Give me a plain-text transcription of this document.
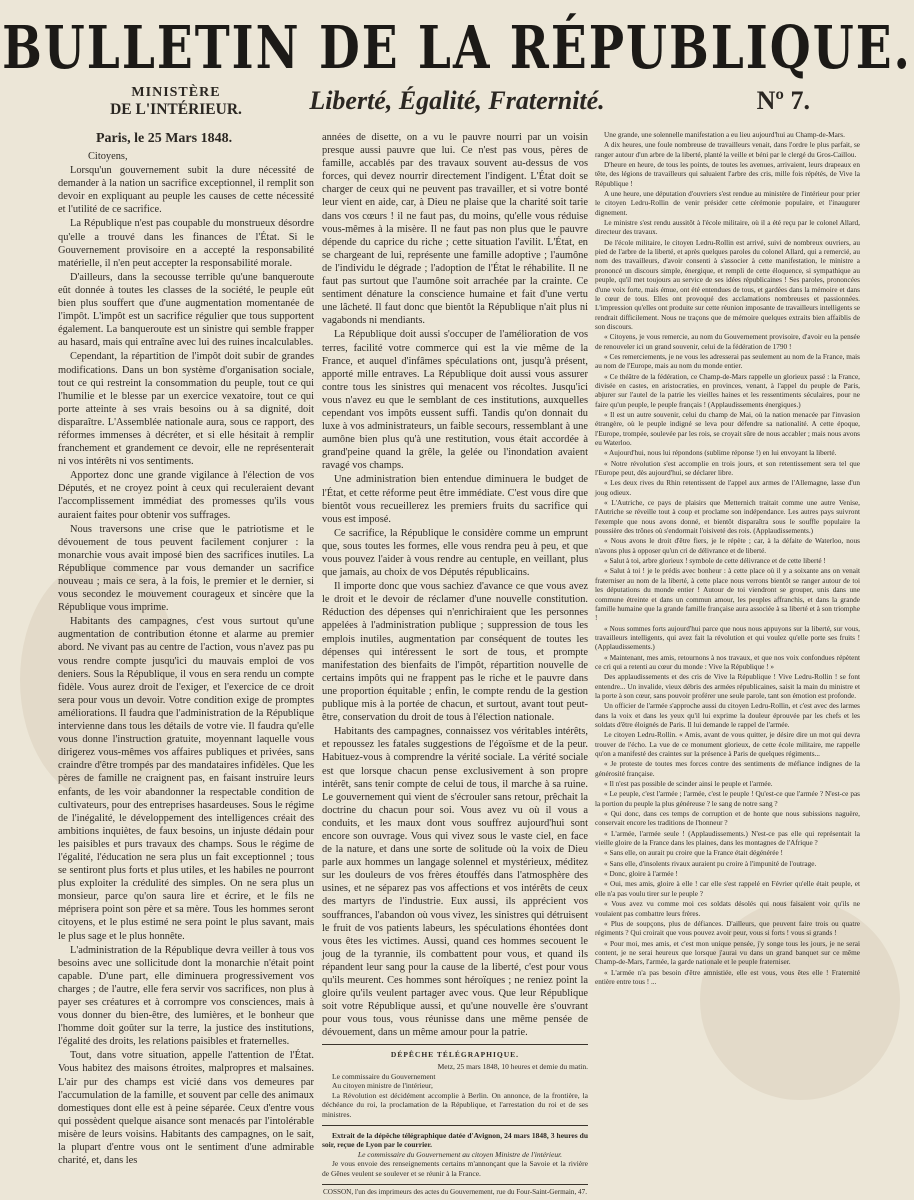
BULLETIN DE LA RÉPUBLIQUE.
MINISTÈRE
DE L'INTÉRIEUR.	Liberté, Égalité, Fraternité.	Nº 7.
Paris, le 25 Mars 1848.

Citoyens,

Lorsqu'un gouvernement subit la dure nécessité de demander à la nation un sacrifice exceptionnel, il remplit son devoir en expliquant au peuple les causes de cette nécessité et l'utilité de ce sacrifice.

La République n'est pas coupable du monstrueux désordre qu'elle a trouvé dans les finances de l'État. Si le Gouvernement provisoire en a accepté la responsabilité matérielle, il n'en peut accepter la responsabilité morale.

D'ailleurs, dans la secousse terrible qu'une banqueroute eût donnée à toutes les classes de la société, le peuple eût bien plus souffert que d'une augmentation momentanée de l'impôt. L'impôt est un sacrifice régulier que tous supportent également. La banqueroute est un sinistre qui semble frapper au hasard, mais qui entraîne avec lui des ruines incalculables.

Cependant, la répartition de l'impôt doit subir de grandes modifications. Dans un bon système d'organisation sociale, tout ce qui restreint la consommation du peuple, tout ce qui l'humilie et le blesse par un exercice vexatoire, tout ce qui porte atteinte à ses vrais besoins ou à sa dignité, doit disparaître. L'Assemblée nationale aura, sous ce rapport, des réformes immenses à décréter, et si elle hésitait à remplir franchement et grandement ce devoir, elle ne représenterait ni vos intérêts ni vos sentiments.

Apportez donc une grande vigilance à l'élection de vos Députés, et ne croyez point à ceux qui reculeraient devant l'accomplissement immédiat des promesses qu'ils vous auraient faites pour obtenir vos suffrages.

Nous traversons une crise que le patriotisme et le dévouement de tous peuvent facilement conjurer : la monarchie vous avait imposé bien des sacrifices inutiles. La République commence par vous demander un sacrifice nouveau ; mais ce sera, à la fois, le premier et le dernier, si vous secondez le mouvement courageux et sincère que la République vous imprime.

Habitants des campagnes, c'est vous surtout qu'une augmentation de contribution étonne et alarme au premier abord. Ne vivant pas au centre de l'action, vous n'avez pas pu vous rendre compte jusqu'ici du mauvais emploi de vos deniers. Sous la République, il vous en sera rendu un compte fidèle. Vous aurez droit de l'exiger, et l'exercice de ce droit sera pour vous un devoir. Votre condition exige de promptes améliorations. Il faudra que l'administration de la République intervienne dans tous les détails de votre vie. Il faudra qu'elle vous donne l'instruction gratuite, moyennant laquelle vous dirigerez vous-mêmes vos affaires publiques et privées, sans craindre d'être trompés par des mandataires infidèles. Que les pères de famille ne craignent pas, en faisant instruire leurs enfants, de les voir abandonner la respectable condition de cultivateurs, pour des entreprises hasardeuses. Sous le régime de l'inégalité, le développement des intelligences créait des ambitions inquiètes, de faux besoins, un injuste dédain pour les paisibles et purs travaux des champs. Sous le régime de l'égalité, l'éducation ne sera plus un fait exceptionnel ; tous se sentiront plus forts et plus utiles, et les habiles ne pourront plus exploiter la crédulité des simples. On ne sera plus un monsieur, parce qu'on saura lire et écrire, et le fils ne méprisera point son père et sa mère. Tous les hommes seront citoyens, et le plus estimé ne sera point le plus savant, mais le plus sage et le plus honnête.

L'administration de la République devra veiller à tous vos besoins avec une sollicitude dont la monarchie n'était point capable. D'une part, elle diminuera progressivement vos charges ; de l'autre, elle fera servir vos sacrifices, non plus à payer ses créatures et à corrompre vos consciences, mais à vous donner du bien-être, des lumières, et le bonheur que l'homme doit goûter sur la terre, la justice des institutions, l'égalité des droits, les relations paisibles et fraternelles.

Tout, dans votre situation, appelle l'attention de l'État. Vous habitez des maisons étroites, malpropres et malsaines. L'air pur des champs est vicié dans vos demeures par l'accumulation de la famille, et souvent par celle des animaux domestiques dont elle est à peine séparée. Ceux d'entre vous qui possèdent quelque aisance sont menacés par l'intolérable misère de leurs voisins. Habitants des campagnes, on le sait, la plupart d'entre vous ont le sentiment d'une admirable charité, et, dans les

années de disette, on a vu le pauvre nourri par un voisin presque aussi pauvre que lui. Ce n'est pas vous, pères de famille, accablés par des travaux souvent au-dessus de vos forces, qui devez nourrir directement l'indigent. L'État doit se charger de ceux qui ne peuvent pas travailler, et si votre bonté leur vient en aide, car, à Dieu ne plaise que la charité soit tarie dans vos cœurs ! il ne faut pas, du moins, qu'elle vous réduise vous-mêmes à la misère. Il ne faut pas non plus que le pauvre dépende du caprice du riche ; cette situation l'avilit. L'État, en se chargeant de lui, représente une famille adoptive ; l'aumône de l'individu le dégrade ; l'adoption de l'État le réhabilite. Il ne faut pas surtout que l'aumône soit arrachée par la crainte. Ce sentiment dénature la conscience humaine et fait d'une vertu une lâcheté. Il faut donc que bientôt la République n'ait plus ni vagabonds ni mendiants.

La République doit aussi s'occuper de l'amélioration de vos terres, facilité votre commerce qui est la vie même de la France, et auquel d'infâmes spéculations ont, jusqu'à présent, apporté mille entraves. La République doit aussi vous assurer contre tous les sinistres qui menacent vos récoltes. Jusqu'ici vous n'avez eu que le semblant de ces institutions, auxquelles cependant vos impôts eussent suffi. Tandis qu'on donnait du luxe à vos administrateurs, un faible secours, ressemblant à une aumône bien plus qu'à une restitution, vous était accordée à grand'peine quand la grêle, la gelée ou l'inondation avaient ravagé vos champs.

Une administration bien entendue diminuera le budget de l'État, et cette réforme peut être immédiate. C'est vous dire que bientôt vous recueillerez les premiers fruits du sacrifice qui vous est imposé.

Ce sacrifice, la République le considère comme un emprunt que, sous toutes les formes, elle vous rendra peu à peu, et que vous pouvez l'aider à vous rendre au centuple, en veillant, plus que jamais, au choix de vos Députés républicains.

Il importe donc que vous sachiez d'avance ce que vous avez le droit et le devoir de réclamer d'une nouvelle constitution. Réduction des dépenses qui n'enrichiraient que les personnes appelées à l'administration publique ; suppression de tous les emplois inutiles, augmentation par conséquent de toutes les dépenses qui intéressent le sort de tous, et prompte manifestation des bienfaits de l'impôt, répartition nouvelle de certains impôts qui ne frappent pas le riche et le pauvre dans une proportion équitable ; enfin, le compte rendu de la gestion publique mis à la portée de chacun, et surtout, avant tout peut-être, conservation du droit de tous à l'élection nationale.

Habitants des campagnes, connaissez vos véritables intérêts, et repoussez les fatales suggestions de l'égoïsme et de la peur. Habituez-vous à comprendre la vérité sociale. La vérité sociale est que lorsque chacun pense exclusivement à son propre intérêt, sans tenir compte de celui de tous, il marche à sa ruine. Le gouvernement qui vient de s'écrouler sans retour, prêchait la doctrine du chacun pour soi. Vous avez vu où il vous a conduits, et les maux dont vous souffrez aujourd'hui sont encore son ouvrage. Vous qui vivez sous le vaste ciel, en face de la nature, et dans une sorte de solitude où la voix de Dieu parle aux hommes un langage solennel et mystérieux, méditez sur les douleurs de vos frères étouffés dans l'atmosphère des usines, et ne séparez pas vos affections et vos intérêts de ceux des martyrs de l'industrie. Eux aussi, ils apprécient vos souffrances, l'abandon où vous vivez, les sinistres qui détruisent le fruit de vos patients labeurs, les spéculations éhontées dont vous êtes les victimes. Aussi, quand ces hommes secouent le joug de la tyrannie, ils combattent pour vous, et quand ils répandent leur sang pour la cause de la liberté, c'est pour vous qu'ils meurent. Ces hommes sont héroïques ; ne reniez point la gloire qu'ils veulent partager avec vous. Que leur République soit votre République aussi, et qu'une nouvelle ère s'ouvrant pour vous tous, vous réunisse dans une même pensée de dévouement, dans un même amour pour la patrie.

DÉPÊCHE TÉLÉGRAPHIQUE.

Metz, 25 mars 1848, 10 heures et demie du matin.

Le commissaire du Gouvernement

Au citoyen ministre de l'intérieur,

La Révolution est décidément accomplie à Berlin. On annonce, de la frontière, la déchéance du roi, la proclamation de la République, et l'arrestation du roi et de ses ministres.

Extrait de la dépêche télégraphique datée d'Avignon, 24 mars 1848, 3 heures du soir, reçue de Lyon par le courrier.

Le commissaire du Gouvernement au citoyen Ministre de l'intérieur.

Je vous envoie des renseignements certains m'annonçant que la Savoie et la rivière de Gênes veulent se soulever et se réunir à la France.

COSSON, l'un des imprimeurs des actes du Gouvernement, rue du Four-Saint-Germain, 47.

Une grande, une solennelle manifestation a eu lieu aujourd'hui au Champ-de-Mars.

A dix heures, une foule nombreuse de travailleurs venait, dans l'ordre le plus parfait, se ranger autour d'un arbre de la liberté, planté la veille et béni par le clergé du Gros-Caillou.

D'heure en heure, de tous les points, de toutes les avenues, arrivaient, leurs drapeaux en tête, des légions de travailleurs qui saluaient l'arbre des cris, mille fois répétés, de Vive la République !

A une heure, une députation d'ouvriers s'est rendue au ministère de l'intérieur pour prier le citoyen Ledru-Rollin de venir présider cette cérémonie populaire, et l'inaugurer dignement.

Le ministre s'est rendu aussitôt à l'école militaire, où il a été reçu par le colonel Allard, directeur des travaux.

De l'école militaire, le citoyen Ledru-Rollin est arrivé, suivi de nombreux ouvriers, au pied de l'arbre de la liberté, et après quelques paroles du colonel Allard, qui a remercié, au nom des travailleurs, d'avoir consenti à s'associer à cette manifestation, le ministre a prononcé un discours simple, énergique, et rempli de cette éloquence, si sympathique au peuple, qu'il met toujours au service de ses idées républicaines ! Ses paroles, prononcées d'une voix forte, mais émue, ont été entendues de tous, et gardées dans la mémoire et dans le cœur de tous. Elles ont provoqué des acclamations nombreuses et passionnées. L'impression qu'elles ont produite sur cette réunion imposante de travailleurs intelligents se rendrait difficilement. Nous ne traçons que de mémoire quelques extraits bien affaiblis de son discours.

« Citoyens, je vous remercie, au nom du Gouvernement provisoire, d'avoir eu la pensée de renouveler ici un grand souvenir, celui de la fédération de 1790 !

« Ces remerciements, je ne vous les adresserai pas seulement au nom de la France, mais au nom de l'Europe, mais au nom du monde entier.

« Ce théâtre de la fédération, ce Champ-de-Mars rappelle un glorieux passé : la France, divisée en castes, en aristocraties, en provinces, venant, à l'appel du peuple de Paris, abjurer sur l'autel de la patrie les vieilles haines et les ressentiments séculaires, pour ne faire qu'un peuple, le peuple français ! (Applaudissements énergiques.)

« Il est un autre souvenir, celui du champ de Mai, où la nation menacée par l'invasion étrangère, où le peuple indigné se leva pour défendre sa nationalité. A cette époque, l'Europe, trompée, soulevée par les rois, se croyait sûre de nous accabler ; mais nous avons eu Waterloo.

« Aujourd'hui, nous lui répondons (sublime réponse !) en lui envoyant la liberté.

« Notre révolution s'est accomplie en trois jours, et son retentissement sera tel que l'Europe peut, dès aujourd'hui, se déclarer libre.

« Les deux rives du Rhin retentissent de l'appel aux armes de l'Allemagne, lasse d'un joug odieux.

« L'Autriche, ce pays de plaisirs que Metternich traitait comme une autre Venise, l'Autriche se réveille tout à coup et proclame son indépendance. Les autres pays suivront l'exemple que nous avons donné, et bientôt disparaîtra sous le souffle populaire la poussière des trônes où s'endormait l'oisiveté des rois. (Applaudissements.)

« Nous avons le droit d'être fiers, je le répète ; car, à la défaite de Waterloo, nous n'avons plus à opposer qu'un cri de délivrance et de liberté.

« Salut à toi, arbre glorieux ! symbole de cette délivrance et de cette liberté !

« Salut à toi ! je le prédis avec bonheur : à cette place où il y a soixante ans on venait fraterniser au nom de la liberté, à cette place nous verrons bientôt se ranger autour de toi les députations du monde entier ! Autour de toi viendront se grouper, unis dans une commune étreinte et dans un commun amour, les peuples affranchis, et dans la grande famille humaine que la grande famille française aura associée à sa liberté et à son triomphe !

« Nous sommes forts aujourd'hui parce que nous nous appuyons sur la liberté, sur vous, travailleurs intelligents, qui avez fait la révolution et qui voulez qu'elle porte ses fruits ! (Applaudissements.)

« Maintenant, mes amis, retournons à nos travaux, et que nos voix confondues répètent ce cri qui a retenti au cœur du monde : Vive la République ! »

Des applaudissements et des cris de Vive la République ! Vive Ledru-Rollin ! se font entendre... Un invalide, vieux débris des armées républicaines, saisit la main du ministre et la porte à son cœur, sans pouvoir proférer une seule parole, tant son émotion est profonde.

Un officier de l'armée s'approche aussi du citoyen Ledru-Rollin, et c'est avec des larmes dans la voix et dans les yeux qu'il lui exprime la douleur éprouvée par les chefs et les soldats d'être éloignés de Paris. Il lui demande le rappel de l'armée.

Le citoyen Ledru-Rollin. « Amis, avant de vous quitter, je désire dire un mot qui devra trouver de l'écho. La vue de ce monument glorieux, de cette école militaire, me rappelle qu'on a manifesté des craintes sur la présence à Paris de quelques régiments...

« Je proteste de toutes mes forces contre des sentiments de méfiance indignes de la générosité française.

« Il n'est pas possible de scinder ainsi le peuple et l'armée.

« Le peuple, c'est l'armée ; l'armée, c'est le peuple ! Qu'est-ce que l'armée ? N'est-ce pas la portion du peuple la plus généreuse ? le sang de notre sang ?

« Qui donc, dans ces temps de corruption et de honte que nous subissions naguère, conservait encore les traditions de l'honneur ?

« L'armée, l'armée seule ! (Applaudissements.) N'est-ce pas elle qui représentait la vieille gloire de la France dans les plaines, dans les montagnes de l'Afrique ?

« Sans elle, on aurait pu croire que la France était dégénérée !

« Sans elle, d'insolents rivaux auraient pu croire à l'impunité de l'outrage.

« Donc, gloire à l'armée !

« Oui, mes amis, gloire à elle ! car elle s'est rappelé en Février qu'elle était peuple, et elle n'a pas voulu tirer sur le peuple ?

« Vous avez vu comme moi ces soldats désolés qui nous faisaient voir qu'ils ne voulaient pas combattre leurs frères.

« Plus de soupçons, plus de défiances. D'ailleurs, que peuvent faire trois ou quatre régiments ? Qui croirait que vous pouvez avoir peur, vous si forts ! vous si grands !

« Pour moi, mes amis, et c'est mon unique pensée, j'y songe tous les jours, je ne serai content, je ne serai heureux que lorsque j'aurai vu dans un grand banquet sur ce même Champ-de-Mars, l'armée, la garde nationale et le peuple fraterniser.

« L'armée n'a pas besoin d'être amnistiée, elle est vous, vous êtes elle ! Fraternité entière entre tous ! ...
